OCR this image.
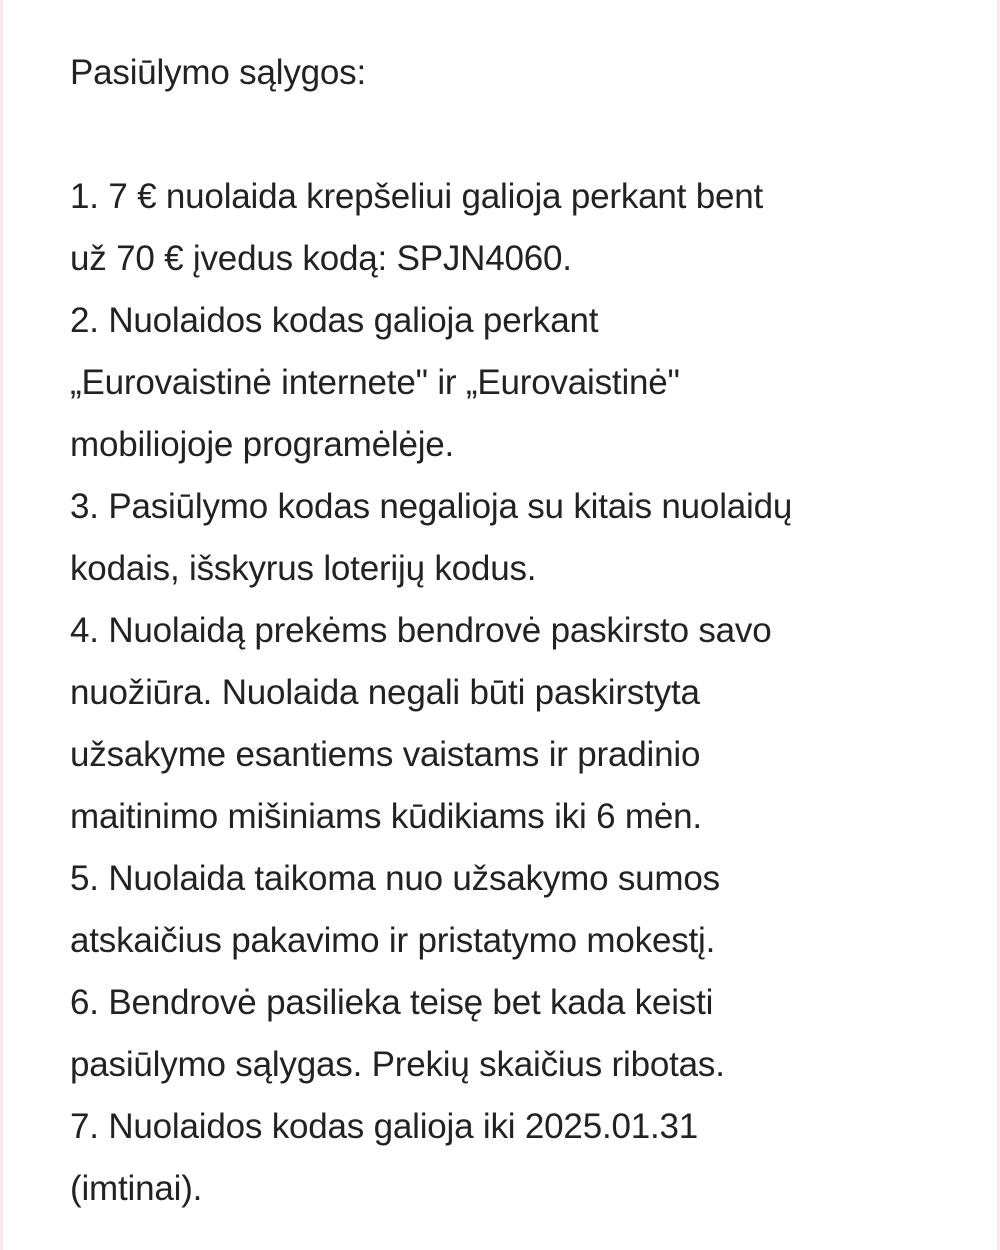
Pasiūlymo sąlygos:
1. 7 € nuolaida krepšeliui galioja perkant bent
už 70 € įvedus kodą: SPJN4060.
2. Nuolaidos kodas galioja perkant
„Eurovaistinė internete" ir „Eurovaistinė"
mobiliojoje programėlėje.
3. Pasiūlymo kodas negalioja su kitais nuolaidų
kodais, išskyrus loterijų kodus.
4. Nuolaidą prekėms bendrovė paskirsto savo
nuožiūra. Nuolaida negali būti paskirstyta
užsakyme esantiems vaistams ir pradinio
maitinimo mišiniams kūdikiams iki 6 mėn.
5. Nuolaida taikoma nuo užsakymo sumos
atskaičius pakavimo ir pristatymo mokestį.
6. Bendrovė pasilieka teisę bet kada keisti
pasiūlymo sąlygas. Prekių skaičius ribotas.
7. Nuolaidos kodas galioja iki 2025.01.31
(imtinai).
